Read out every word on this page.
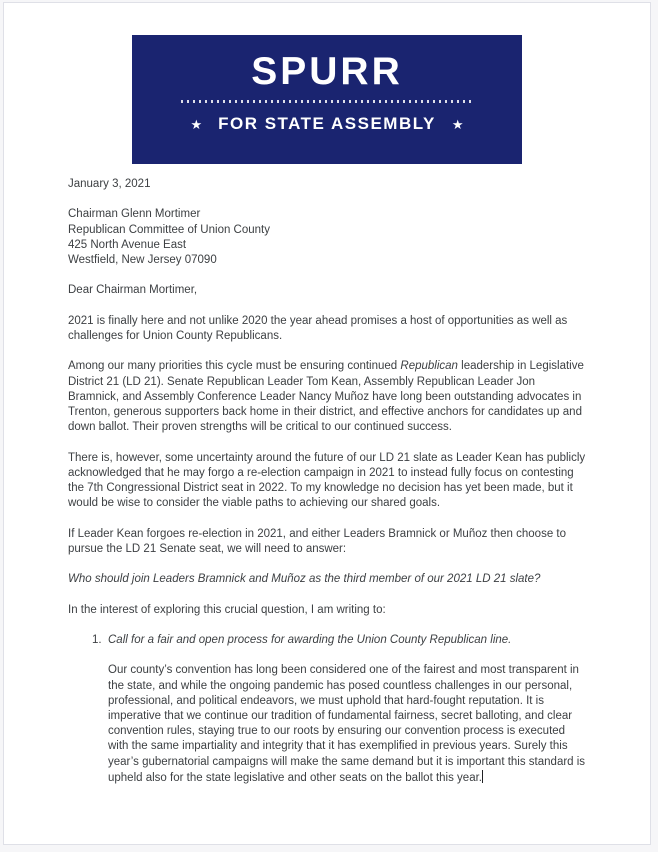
SPURR
★ FOR STATE ASSEMBLY ★

January 3, 2021

Chairman Glenn Mortimer

Republican Committee of Union County

425 North Avenue East

Westfield, New Jersey 07090

Dear Chairman Mortimer,

2021 is finally here and not unlike 2020 the year ahead promises a host of opportunities as well as challenges for Union County Republicans.

Among our many priorities this cycle must be ensuring continued Republican leadership in Legislative District 21 (LD 21). Senate Republican Leader Tom Kean, Assembly Republican Leader Jon Bramnick, and Assembly Conference Leader Nancy Muñoz have long been outstanding advocates in Trenton, generous supporters back home in their district, and effective anchors for candidates up and down ballot. Their proven strengths will be critical to our continued success.

There is, however, some uncertainty around the future of our LD 21 slate as Leader Kean has publicly acknowledged that he may forgo a re-election campaign in 2021 to instead fully focus on contesting the 7th Congressional District seat in 2022. To my knowledge no decision has yet been made, but it would be wise to consider the viable paths to achieving our shared goals.

If Leader Kean forgoes re-election in 2021, and either Leaders Bramnick or Muñoz then choose to pursue the LD 21 Senate seat, we will need to answer:

Who should join Leaders Bramnick and Muñoz as the third member of our 2021 LD 21 slate?

In the interest of exploring this crucial question, I am writing to:

1. Call for a fair and open process for awarding the Union County Republican line.

Our county’s convention has long been considered one of the fairest and most transparent in the state, and while the ongoing pandemic has posed countless challenges in our personal, professional, and political endeavors, we must uphold that hard-fought reputation. It is imperative that we continue our tradition of fundamental fairness, secret balloting, and clear convention rules, staying true to our roots by ensuring our convention process is executed with the same impartiality and integrity that it has exemplified in previous years. Surely this year’s gubernatorial campaigns will make the same demand but it is important this standard is upheld also for the state legislative and other seats on the ballot this year.
